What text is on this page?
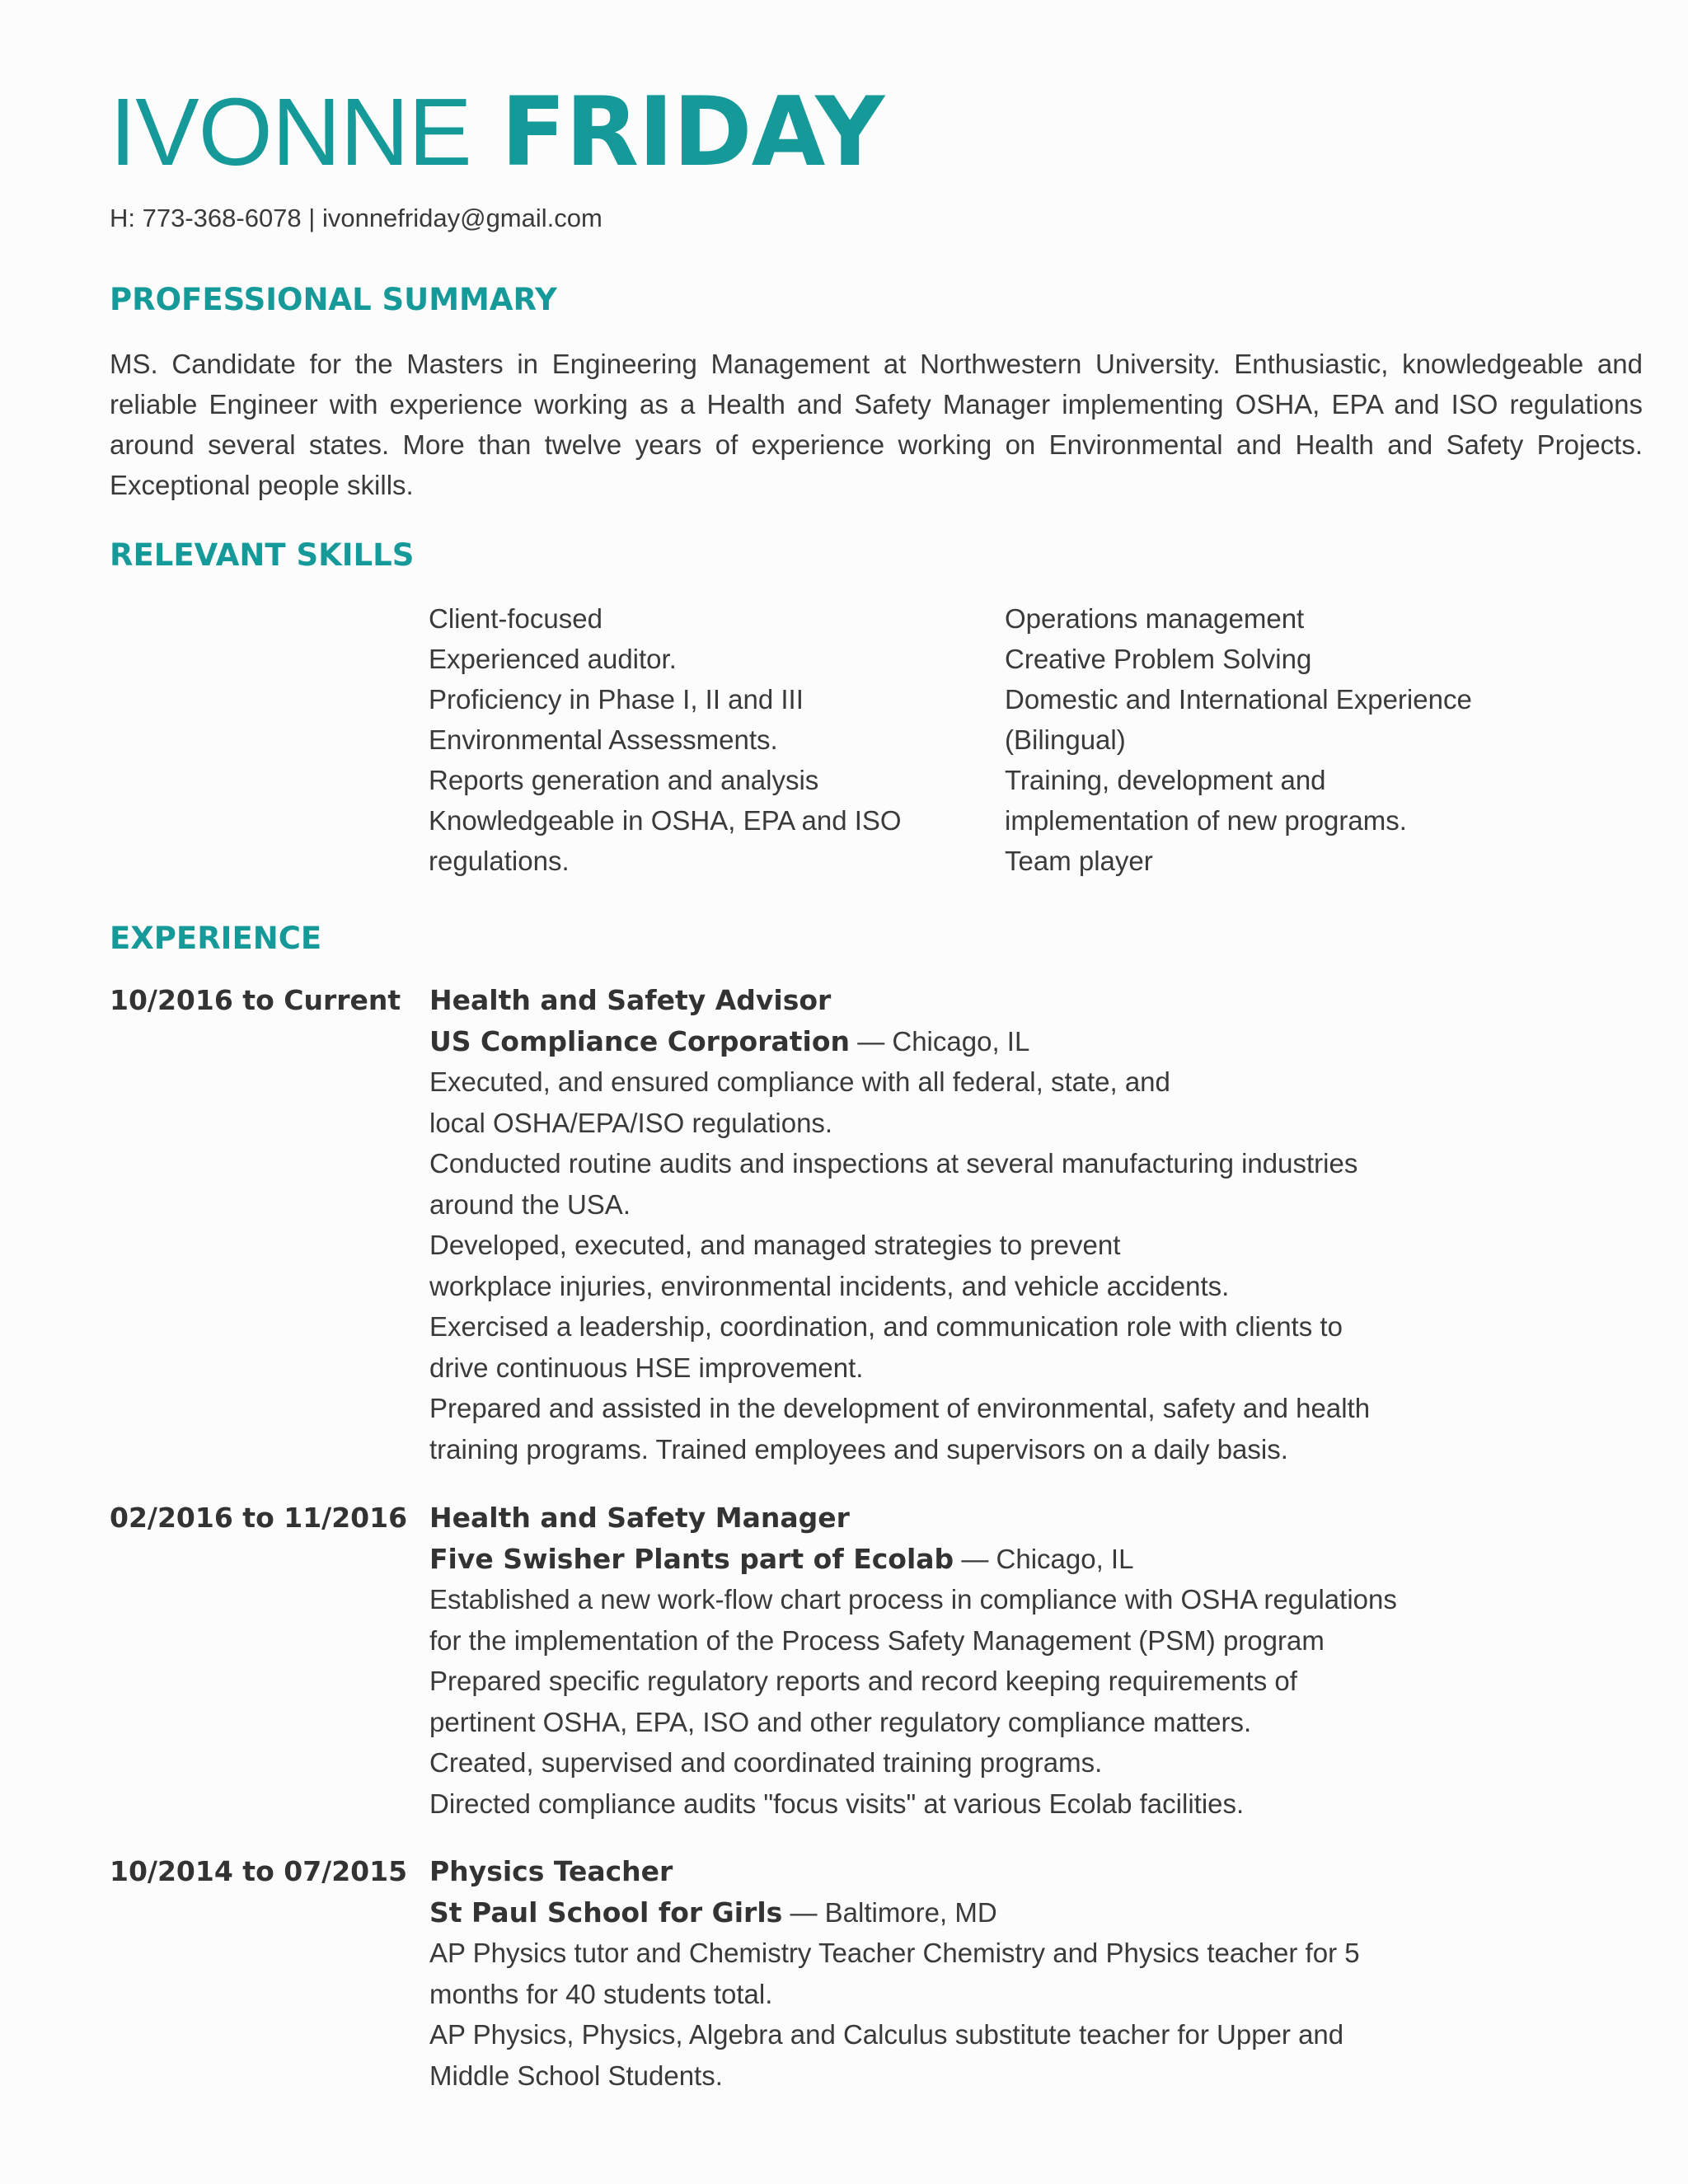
IVONNE FRIDAY
H: 773-368-6078 | ivonnefriday@gmail.com
PROFESSIONAL SUMMARY
MS. Candidate for the Masters in Engineering Management at Northwestern University. Enthusiastic, knowledgeable and reliable Engineer with experience working as a Health and Safety Manager implementing OSHA, EPA and ISO regulations around several states. More than twelve years of experience working on Environmental and Health and Safety Projects. Exceptional people skills.
RELEVANT SKILLS
Client-focused
Experienced auditor.
Proficiency in Phase I, II and III
Environmental Assessments.
Reports generation and analysis
Knowledgeable in OSHA, EPA and ISO
regulations.
Operations management
Creative Problem Solving
Domestic and International Experience
(Bilingual)
Training, development and
implementation of new programs.
Team player
EXPERIENCE
10/2016 to Current Health and Safety Advisor
US Compliance Corporation — Chicago, IL
Executed, and ensured compliance with all federal, state, and
local OSHA/EPA/ISO regulations.
Conducted routine audits and inspections at several manufacturing industries
around the USA.
Developed, executed, and managed strategies to prevent
workplace injuries, environmental incidents, and vehicle accidents.
Exercised a leadership, coordination, and communication role with clients to
drive continuous HSE improvement.
Prepared and assisted in the development of environmental, safety and health
training programs. Trained employees and supervisors on a daily basis.
02/2016 to 11/2016 Health and Safety Manager
Five Swisher Plants part of Ecolab — Chicago, IL
Established a new work-flow chart process in compliance with OSHA regulations
for the implementation of the Process Safety Management (PSM) program
Prepared specific regulatory reports and record keeping requirements of
pertinent OSHA, EPA, ISO and other regulatory compliance matters.
Created, supervised and coordinated training programs.
Directed compliance audits "focus visits" at various Ecolab facilities.
10/2014 to 07/2015 Physics Teacher
St Paul School for Girls — Baltimore, MD
AP Physics tutor and Chemistry Teacher Chemistry and Physics teacher for 5
months for 40 students total.
AP Physics, Physics, Algebra and Calculus substitute teacher for Upper and
Middle School Students.
